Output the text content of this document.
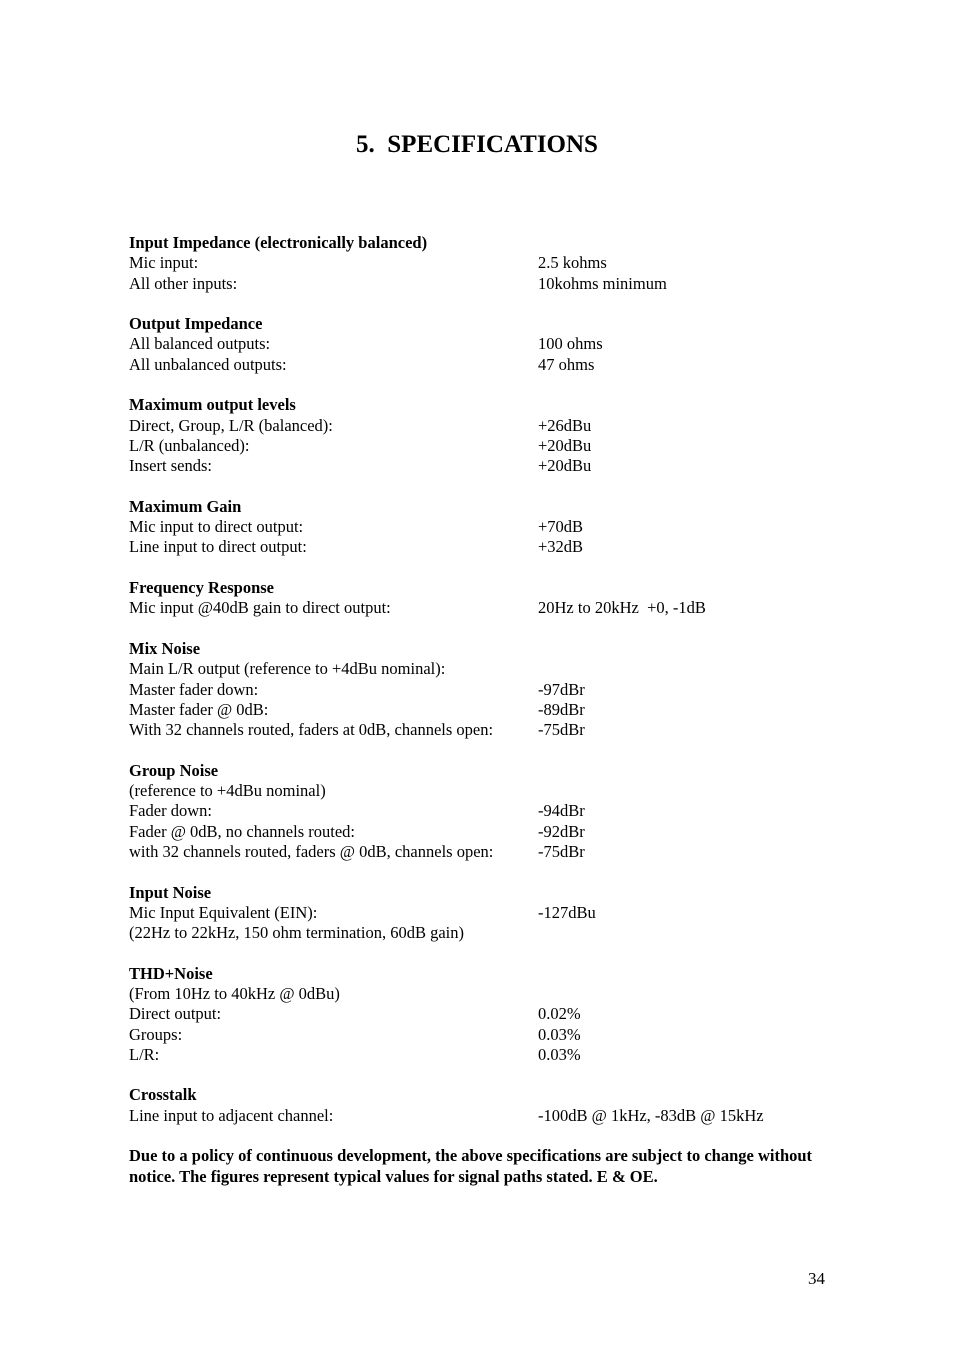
5.  SPECIFICATIONS
Input Impedance (electronically balanced)
Mic input:	2.5 kohms
All other inputs:	10kohms minimum
Output Impedance
All balanced outputs:	100 ohms
All unbalanced outputs:	47 ohms
Maximum output levels
Direct, Group, L/R (balanced):	+26dBu
L/R (unbalanced):	+20dBu
Insert sends:	+20dBu
Maximum Gain
Mic input to direct output:	+70dB
Line input to direct output:	+32dB
Frequency Response
Mic input @40dB gain to direct output:	20Hz to 20kHz  +0, -1dB
Mix Noise
Main L/R output (reference to +4dBu nominal):
Master fader down:	-97dBr
Master fader @ 0dB:	-89dBr
With 32 channels routed, faders at 0dB, channels open:	-75dBr
Group Noise
(reference to +4dBu nominal)
Fader down:	-94dBr
Fader @ 0dB, no channels routed:	-92dBr
with 32 channels routed, faders @ 0dB, channels open:	-75dBr
Input Noise
Mic Input Equivalent (EIN):	-127dBu
(22Hz to 22kHz, 150 ohm termination, 60dB gain)
THD+Noise
(From 10Hz to 40kHz @ 0dBu)
Direct output:	0.02%
Groups:	0.03%
L/R:	0.03%
Crosstalk
Line input to adjacent channel:	-100dB @ 1kHz, -83dB @ 15kHz
Due to a policy of continuous development, the above specifications are subject to change without notice. The figures represent typical values for signal paths stated. E & OE.
34
